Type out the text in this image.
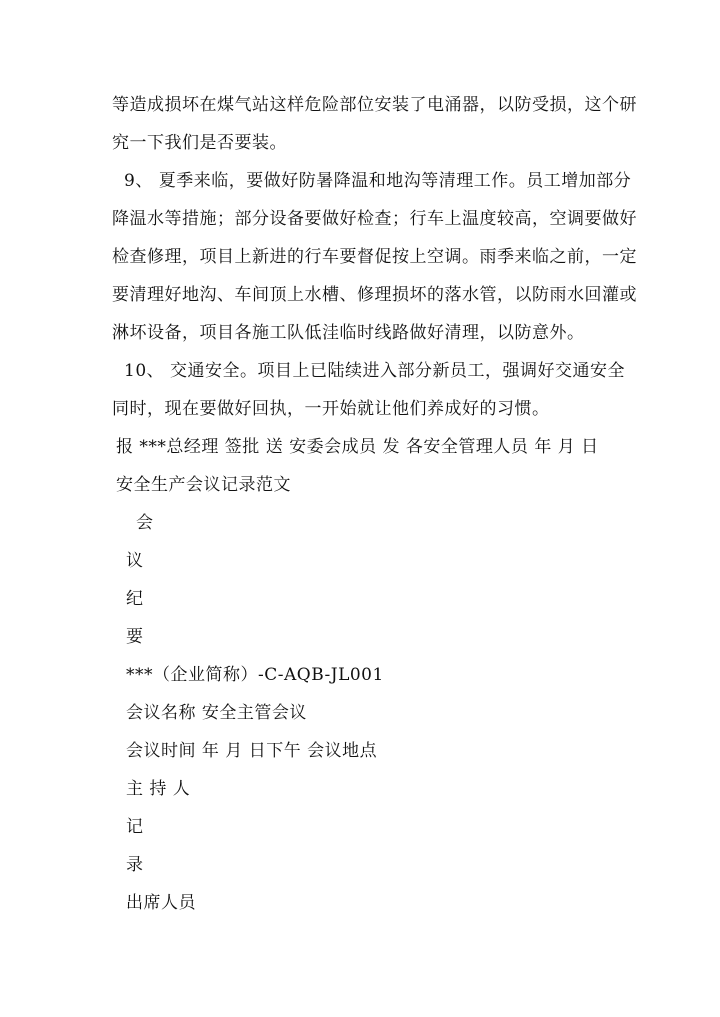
等造成损坏在煤气站这样危险部位安装了电涌器，以防受损，这个研
究一下我们是否要装。
9、 夏季来临，要做好防暑降温和地沟等清理工作。员工增加部分
降温水等措施；部分设备要做好检查；行车上温度较高，空调要做好
检查修理，项目上新进的行车要督促按上空调。雨季来临之前，一定
要清理好地沟、车间顶上水槽、修理损坏的落水管，以防雨水回灌或
淋坏设备，项目各施工队低洼临时线路做好清理，以防意外。
10、 交通安全。项目上已陆续进入部分新员工，强调好交通安全
同时，现在要做好回执，一开始就让他们养成好的习惯。
报 ***总经理 签批 送 安委会成员 发 各安全管理人员 年 月 日
安全生产会议记录范文
会
议
纪
要
***（企业简称）-C-AQB-JL001
会议名称 安全主管会议
会议时间 年 月 日下午 会议地点
主 持 人
记
录
出席人员
